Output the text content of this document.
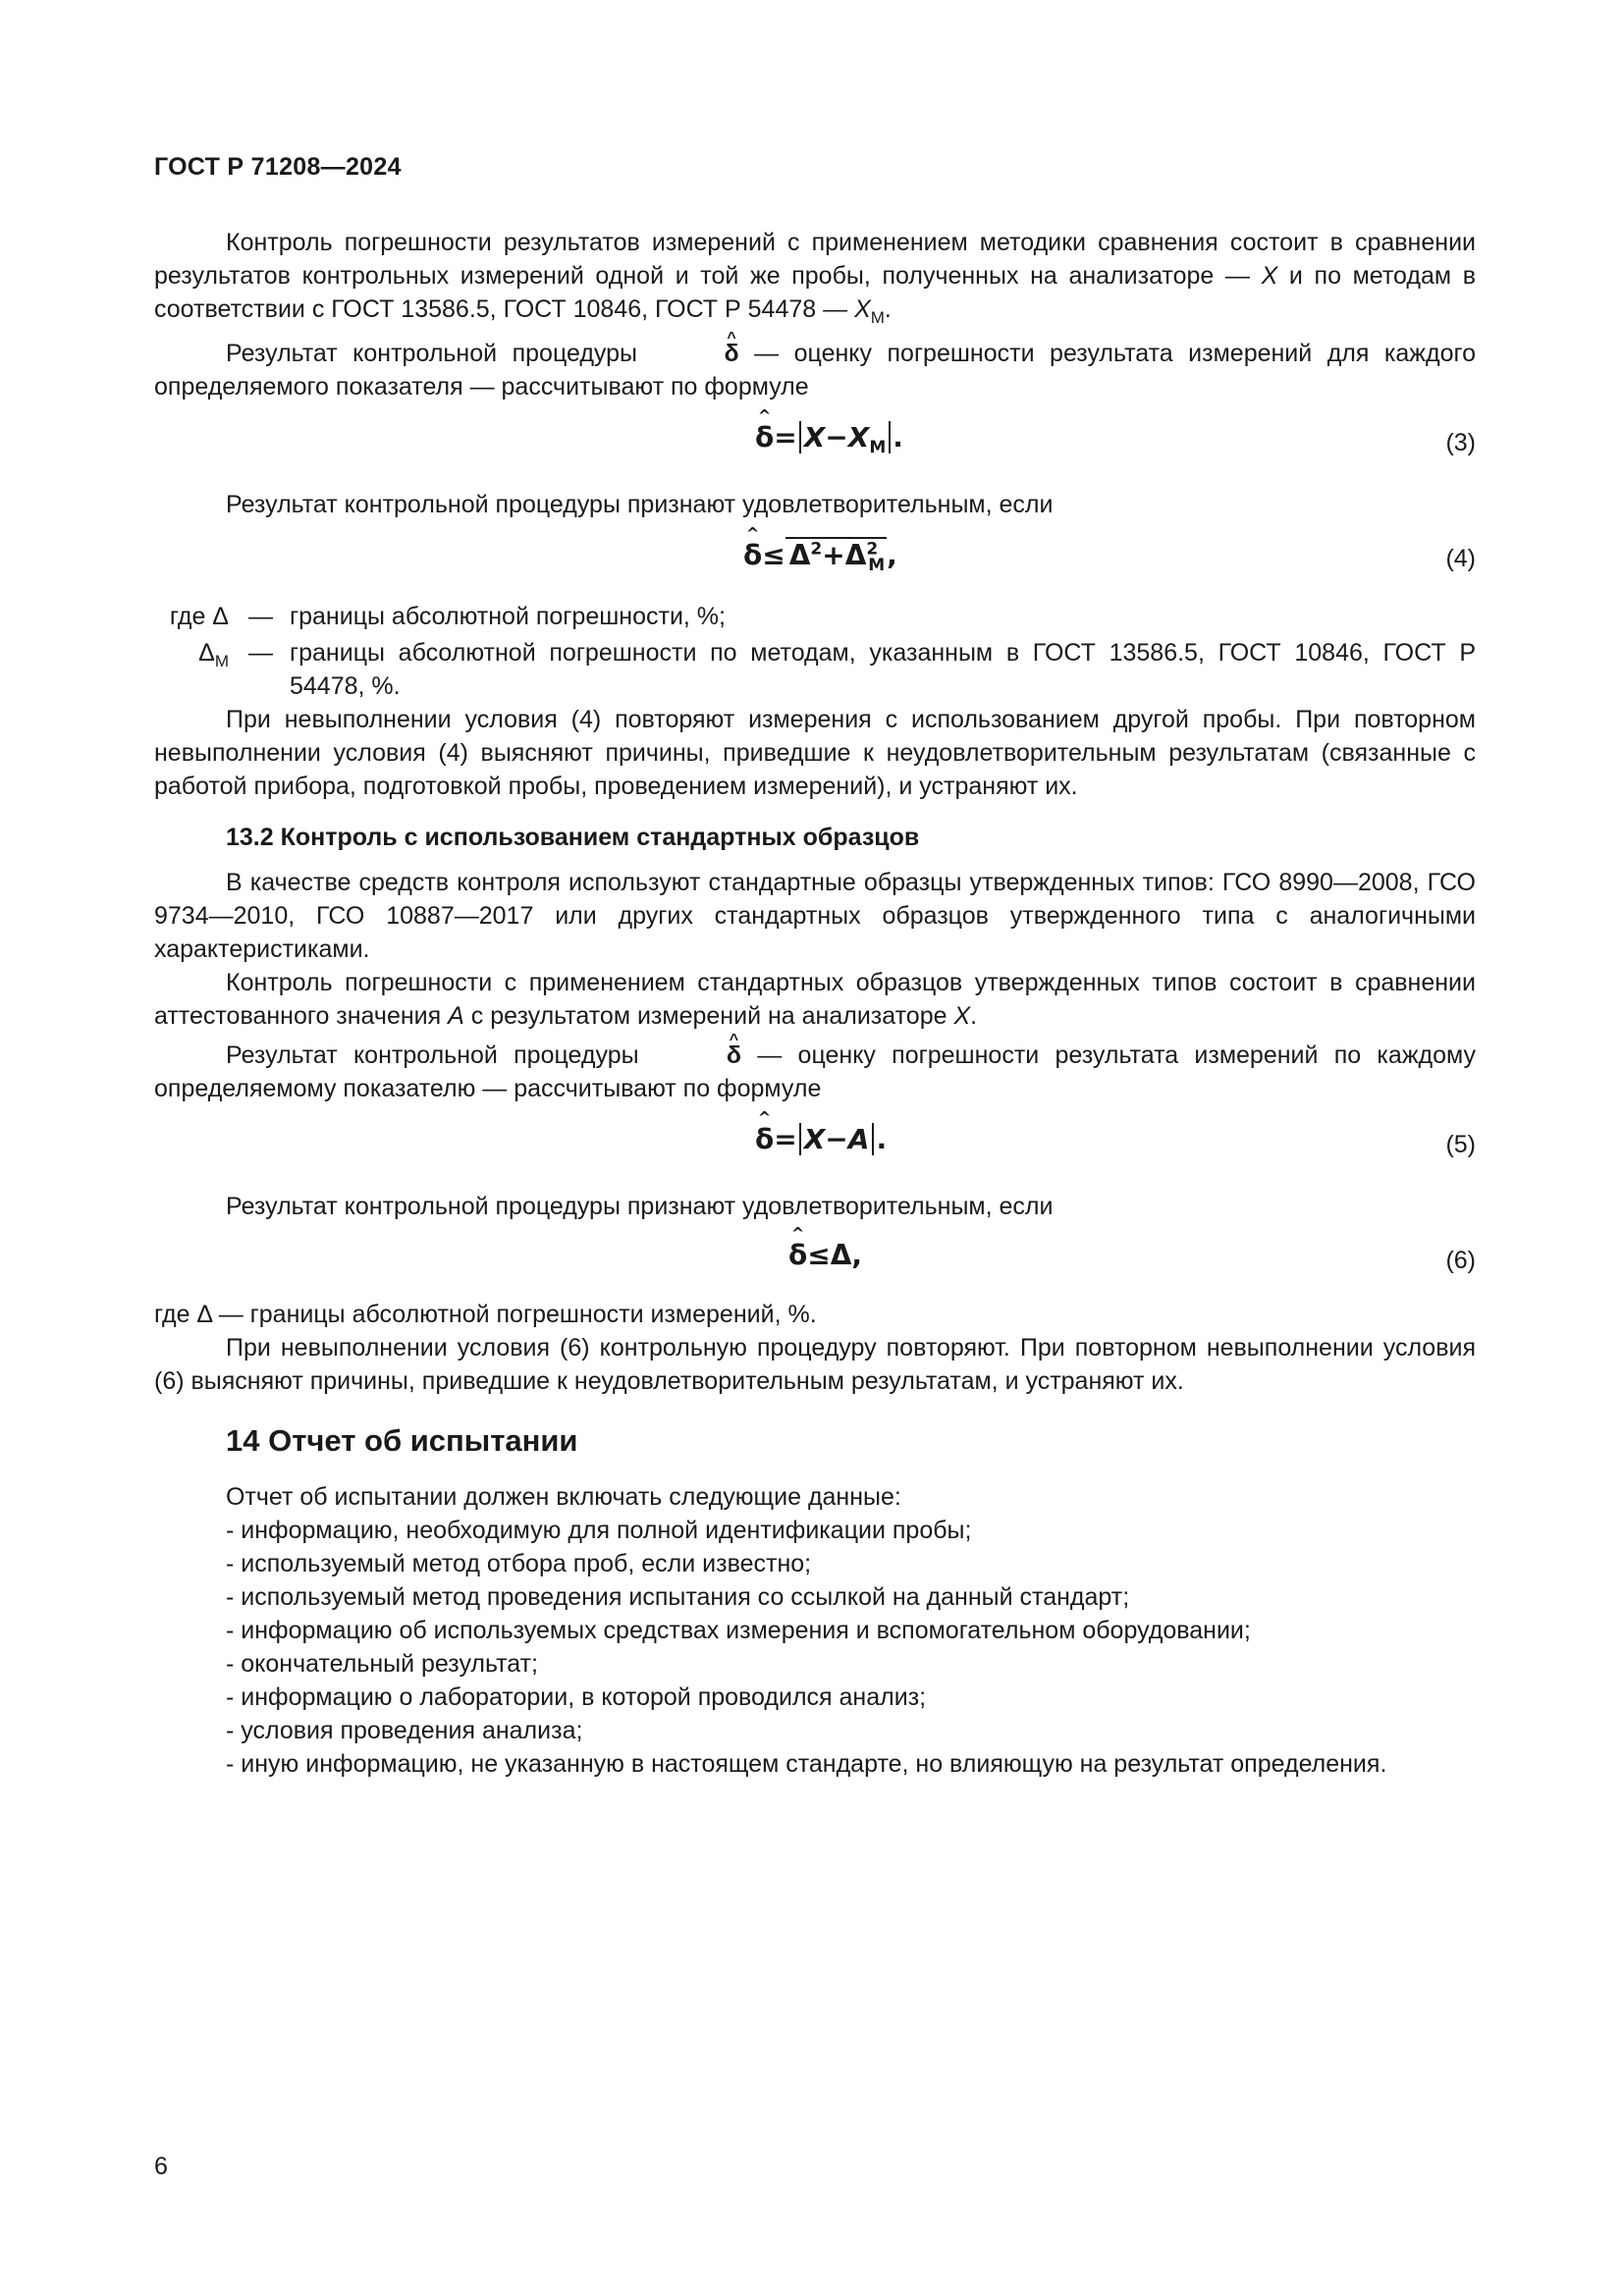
ГОСТ Р 71208—2024

Контроль погрешности результатов измерений с применением методики сравнения состоит в сравнении результатов контрольных измерений одной и той же пробы, полученных на анализаторе — X и по методам в соответствии с ГОСТ 13586.5, ГОСТ 10846, ГОСТ Р 54478 — $X_М$.

Результат контрольной процедуры	^ δ — оценку погрешности результата измерений для каждого определяемого показателя — рассчитывают по формуле

^ $\delta= X-X_М$ .	(3)

Результат контрольной процедуры признают удовлетворительным, если

^ $\delta\le \Delta^2+\Delta^2_М$,	(4)
где Δ — границы абсолютной погрешности, %;
$\Delta_М$ — границы абсолютной погрешности по методам, указанным в ГОСТ 13586.5, ГОСТ 10846, ГОСТ Р 54478, %.

При невыполнении условия (4) повторяют измерения с использованием другой пробы. При повторном невыполнении условия (4) выясняют причины, приведшие к неудовлетворительным результатам (связанные с работой прибора, подготовкой пробы, проведением измерений), и устраняют их.

13.2 Контроль с использованием стандартных образцов

В качестве средств контроля используют стандартные образцы утвержденных типов: ГСО 8990—2008, ГСО 9734—2010, ГСО 10887—2017 или других стандартных образцов утвержденного типа с аналогичными характеристиками.

Контроль погрешности с применением стандартных образцов утвержденных типов состоит в сравнении аттестованного значения А с результатом измерений на анализаторе X.

Результат контрольной процедуры	^ δ — оценку погрешности результата измерений по каждому определяемому показателю — рассчитывают по формуле

^ δ= X−A .	(5)

Результат контрольной процедуры признают удовлетворительным, если

^ δ≤Δ,	(6)

где Δ — границы абсолютной погрешности измерений, %.

При невыполнении условия (6) контрольную процедуру повторяют. При повторном невыполнении условия (6) выясняют причины, приведшие к неудовлетворительным результатам, и устраняют их.

14 Отчет об испытании

Отчет об испытании должен включать следующие данные:

- информацию, необходимую для полной идентификации пробы;

- используемый метод отбора проб, если известно;

- используемый метод проведения испытания со ссылкой на данный стандарт;

- информацию об используемых средствах измерения и вспомогательном оборудовании;

- окончательный результат;

- информацию о лаборатории, в которой проводился анализ;

- условия проведения анализа;

- иную информацию, не указанную в настоящем стандарте, но влияющую на результат определения.

6
